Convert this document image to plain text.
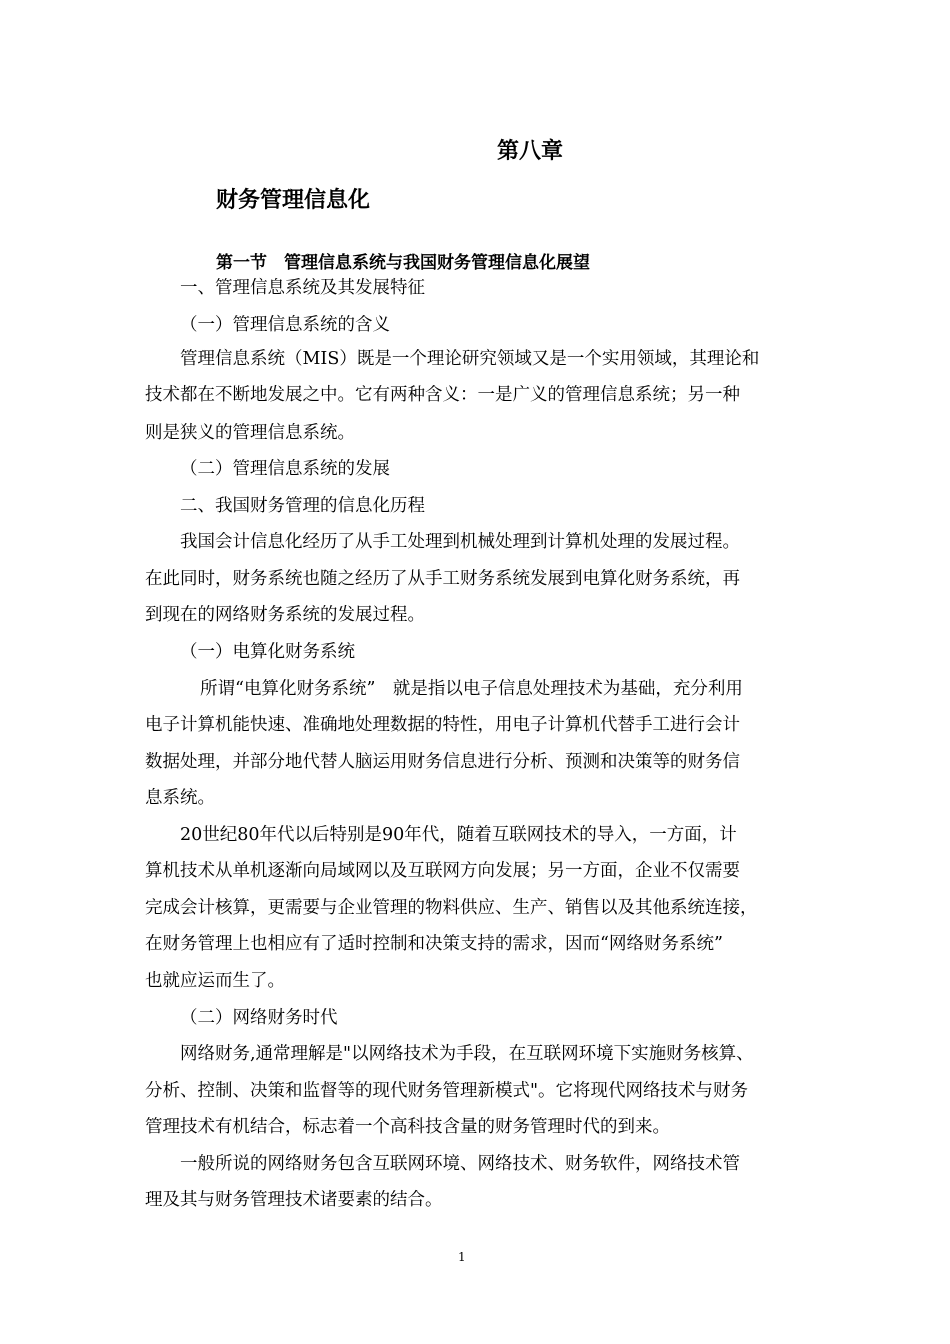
第八章
财务管理信息化
第一节　管理信息系统与我国财务管理信息化展望
一、管理信息系统及其发展特征
（一）管理信息系统的含义
管理信息系统（MIS）既是一个理论研究领域又是一个实用领域，其理论和
技术都在不断地发展之中。它有两种含义：一是广义的管理信息系统；另一种
则是狭义的管理信息系统。
（二）管理信息系统的发展
二、我国财务管理的信息化历程
我国会计信息化经历了从手工处理到机械处理到计算机处理的发展过程。
在此同时，财务系统也随之经历了从手工财务系统发展到电算化财务系统，再
到现在的网络财务系统的发展过程。
（一）电算化财务系统
所谓“电算化财务系统”　就是指以电子信息处理技术为基础，充分利用
电子计算机能快速、准确地处理数据的特性，用电子计算机代替手工进行会计
数据处理，并部分地代替人脑运用财务信息进行分析、预测和决策等的财务信
息系统。
20世纪80年代以后特别是90年代，随着互联网技术的导入，一方面，计
算机技术从单机逐渐向局域网以及互联网方向发展；另一方面，企业不仅需要
完成会计核算，更需要与企业管理的物料供应、生产、销售以及其他系统连接，
在财务管理上也相应有了适时控制和决策支持的需求，因而“网络财务系统”
也就应运而生了。
（二）网络财务时代
网络财务,通常理解是"以网络技术为手段，在互联网环境下实施财务核算、
分析、控制、决策和监督等的现代财务管理新模式"。它将现代网络技术与财务
管理技术有机结合，标志着一个高科技含量的财务管理时代的到来。
一般所说的网络财务包含互联网环境、网络技术、财务软件，网络技术管
理及其与财务管理技术诸要素的结合。
1
